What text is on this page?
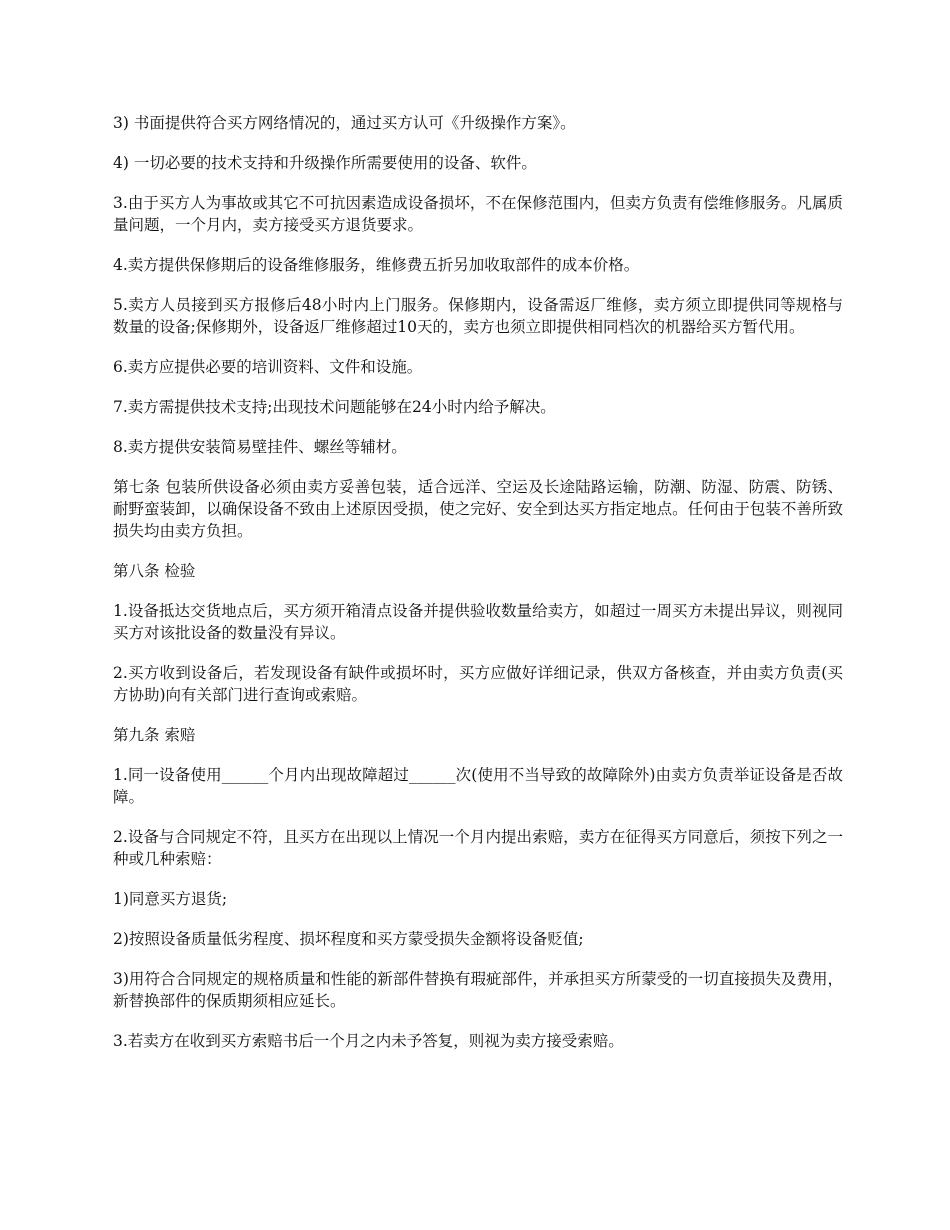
3) 书面提供符合买方网络情况的，通过买方认可《升级操作方案》。

4) 一切必要的技术支持和升级操作所需要使用的设备、软件。

3.由于买方人为事故或其它不可抗因素造成设备损坏，不在保修范围内，但卖方负责有偿维修服务。凡属质量问题，一个月内，卖方接受买方退货要求。

4.卖方提供保修期后的设备维修服务，维修费五折另加收取部件的成本价格。

5.卖方人员接到买方报修后48小时内上门服务。保修期内，设备需返厂维修，卖方须立即提供同等规格与数量的设备;保修期外，设备返厂维修超过10天的，卖方也须立即提供相同档次的机器给买方暂代用。

6.卖方应提供必要的培训资料、文件和设施。

7.卖方需提供技术支持;出现技术问题能够在24小时内给予解决。

8.卖方提供安装简易壁挂件、螺丝等辅材。

第七条 包装所供设备必须由卖方妥善包装，适合远洋、空运及长途陆路运输，防潮、防湿、防震、防锈、耐野蛮装卸，以确保设备不致由上述原因受损，使之完好、安全到达买方指定地点。任何由于包装不善所致损失均由卖方负担。

第八条 检验

1.设备抵达交货地点后，买方须开箱清点设备并提供验收数量给卖方，如超过一周买方未提出异议，则视同买方对该批设备的数量没有异议。

2.买方收到设备后，若发现设备有缺件或损坏时，买方应做好详细记录，供双方备核查，并由卖方负责(买方协助)向有关部门进行查询或索赔。

第九条 索赔

1.同一设备使用______个月内出现故障超过______次(使用不当导致的故障除外)由卖方负责举证设备是否故障。

2.设备与合同规定不符，且买方在出现以上情况一个月内提出索赔，卖方在征得买方同意后，须按下列之一种或几种索赔：

1)同意买方退货;

2)按照设备质量低劣程度、损坏程度和买方蒙受损失金额将设备贬值;

3)用符合合同规定的规格质量和性能的新部件替换有瑕疵部件，并承担买方所蒙受的一切直接损失及费用，新替换部件的保质期须相应延长。

3.若卖方在收到买方索赔书后一个月之内未予答复，则视为卖方接受索赔。
